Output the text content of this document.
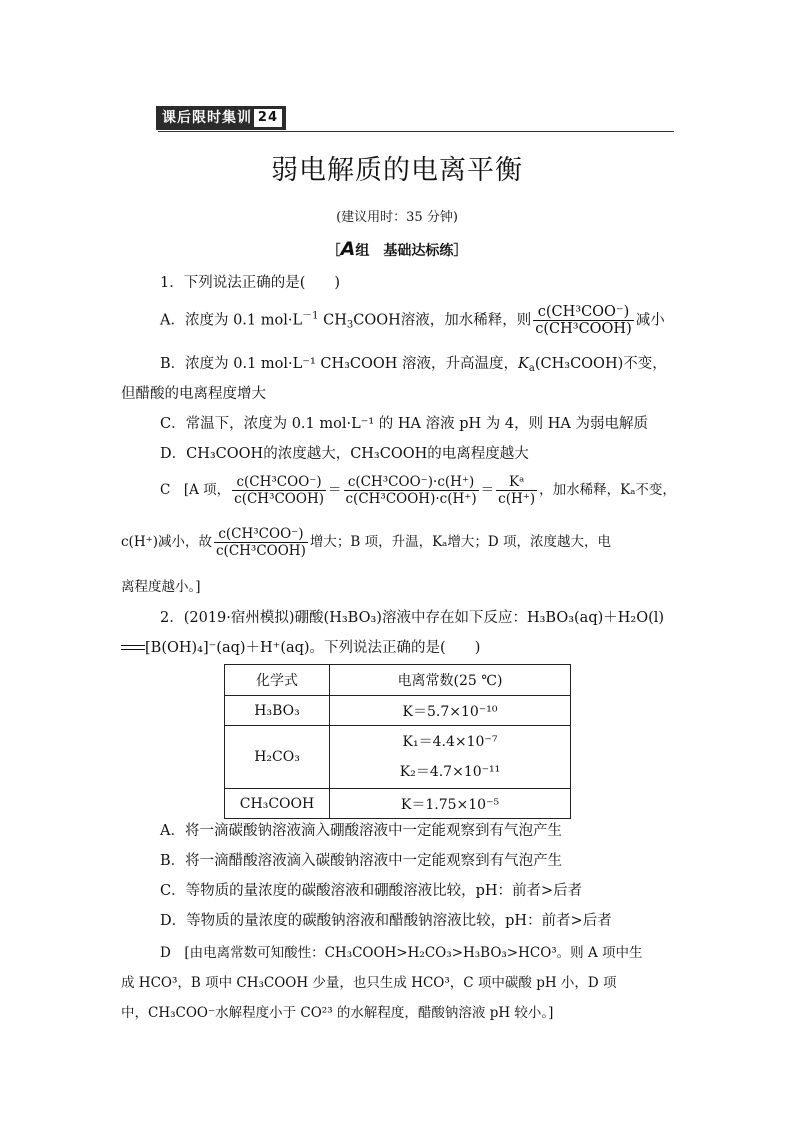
课后限时集训 24
弱电解质的电离平衡
(建议用时：35 分钟)
［A组　基础达标练］
1．下列说法正确的是(　　)
A．浓度为 0.1 $mol\cdot L^{-1}$ $CH_3COOH$溶液，加水稀释，则 $\frac{\text{c(CH³COO⁻)}}{\text{c(CH³COOH)}}$ 减小
B．浓度为 0.1 mol·L⁻¹ CH₃COOH 溶液，升高温度，$K_a(CH_3COOH)$不变，
但醋酸的电离程度增大
C．常温下，浓度为 0.1 mol·L⁻¹ 的 HA 溶液 pH 为 4，则 HA 为弱电解质
D．CH₃COOH的浓度越大，CH₃COOH的电离程度越大
C　[A 项， $\frac{\text{c(CH³COO⁻)}}{\text{c(CH³COOH)}} = \frac{\text{c(CH³COO⁻)·c(H⁺)}}{\text{c(CH³COOH)·c(H⁺)}} = \frac{\text{Kᵃ}}{c(H^+)}$ ，加水稀释，Kₐ不变，
c(H⁺)减小，故 $\frac{\text{c(CH³COO⁻)}}{\text{c(CH³COOH)}}$ 增大；B 项，升温，Kₐ增大；D 项，浓度越大，电
离程度越小。]
2．(2019·宿州模拟)硼酸(H₃BO₃)溶液中存在如下反应：H₃BO₃(aq)＋H₂O(l)
[B(OH)₄]⁻(aq)＋H⁺(aq)。下列说法正确的是(　　)
化学式	电离常数(25 ℃)
H₃BO₃	K＝5.7×10⁻¹⁰
H₂CO₃	K₁＝4.4×10⁻⁷
K₂＝4.7×10⁻¹¹

CH₃COOH	K＝1.75×10⁻⁵
A．将一滴碳酸钠溶液滴入硼酸溶液中一定能观察到有气泡产生
B．将一滴醋酸溶液滴入碳酸钠溶液中一定能观察到有气泡产生
C．等物质的量浓度的碳酸溶液和硼酸溶液比较，pH：前者>后者
D．等物质的量浓度的碳酸钠溶液和醋酸钠溶液比较，pH：前者>后者
D　[由电离常数可知酸性：CH₃COOH>H₂CO₃>H₃BO₃>HCO³。则 A 项中生
成 HCO³，B 项中 CH₃COOH 少量，也只生成 HCO³，C 项中碳酸 pH 小，D 项
中，CH₃COO⁻水解程度小于 CO²³ 的水解程度，醋酸钠溶液 pH 较小。]
